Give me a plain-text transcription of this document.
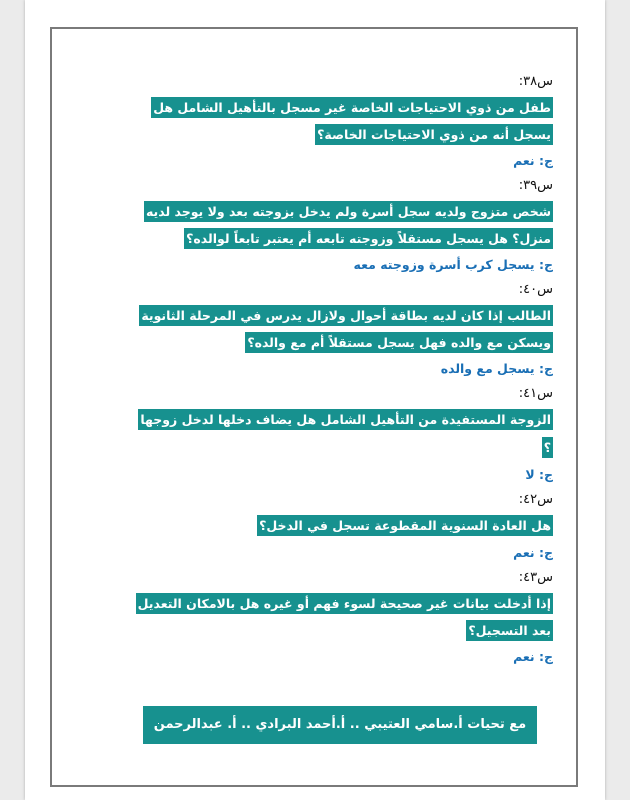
س٣٨:
طفل من ذوي الاحتياجات الخاصة غير مسجل بالتأهيل الشامل هل يسجل أنه من ذوي الاحتياجات الخاصة؟
ج: نعم
س٣٩:
شخص متزوج ولديه سجل أسرة ولم يدخل بزوجته بعد ولا يوجد لديه منزل؟ هل يسجل مستقلاً وزوجته تابعه أم يعتبر تابعاً لوالده؟
ج: يسجل كرب أسرة وزوجته معه
س٤٠:
الطالب إذا كان لديه بطاقة أحوال ولازال يدرس في المرحلة الثانوية ويسكن مع والده فهل يسجل مستقلاً أم مع والده؟
ج: يسجل مع والده
س٤١:
الزوجة المستفيدة من التأهيل الشامل هل يضاف دخلها لدخل زوجها ؟
ج: لا
س٤٢:
هل العادة السنوية المقطوعة تسجل في الدخل؟
ج: نعم
س٤٣:
إذا أدخلت بيانات غير صحيحة لسوء فهم أو غيره هل بالامكان التعديل بعد التسجيل؟
ج: نعم
مع تحيات أ.سامي العتيبي .. أ.أحمد البرادي .. أ. عبدالرحمن اللويحق
